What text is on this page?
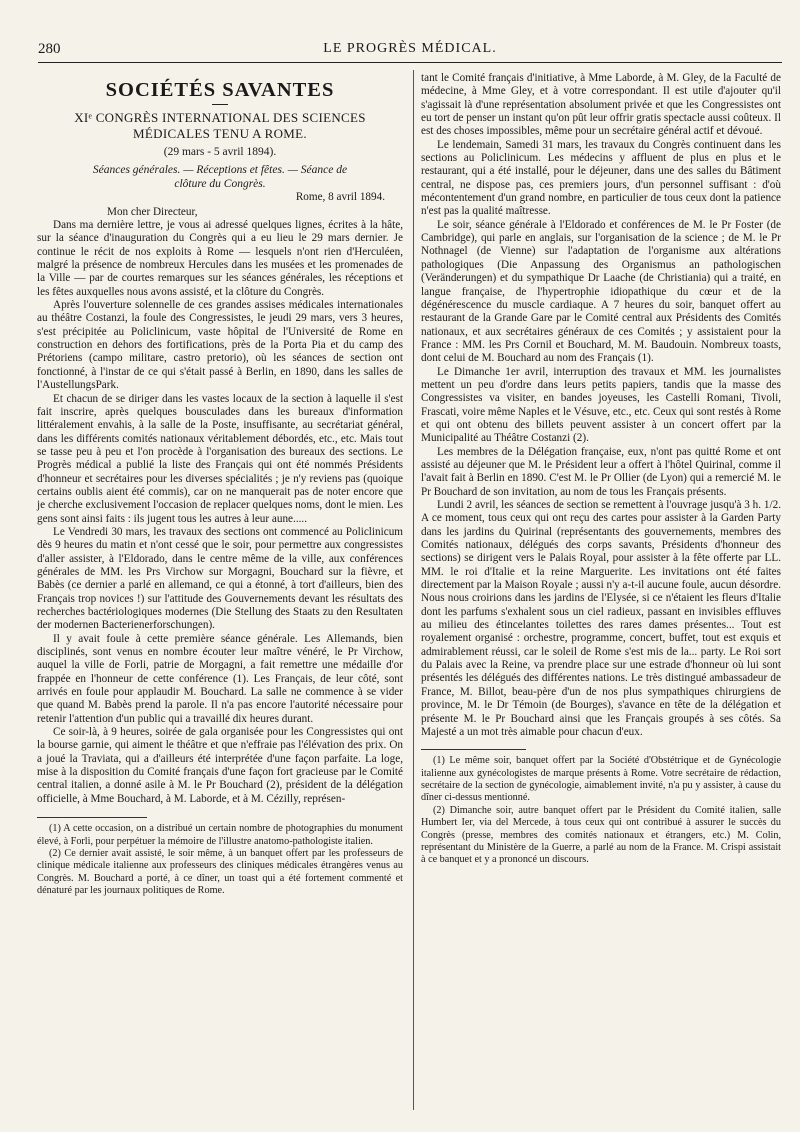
280	LE PROGRÈS MÉDICAL.
SOCIÉTÉS SAVANTES
XIᵉ CONGRÈS INTERNATIONAL DES SCIENCES
MÉDICALES TENU A ROME.
(29 mars - 5 avril 1894).
Séances générales. — Réceptions et fêtes. — Séance de
clôture du Congrès.
Rome, 8 avril 1894.

Mon cher Directeur,

Dans ma dernière lettre, je vous ai adressé quelques lignes, écrites à la hâte, sur la séance d'inauguration du Congrès qui a eu lieu le 29 mars dernier. Je continue le récit de nos exploits à Rome — lesquels n'ont rien d'Herculéen, malgré la présence de nombreux Hercules dans les musées et les promenades de la Ville — par de courtes remarques sur les séances générales, les réceptions et les fêtes auxquelles nous avons assisté, et la clôture du Congrès.

Après l'ouverture solennelle de ces grandes assises médicales internationales au théâtre Costanzi, la foule des Congressistes, le jeudi 29 mars, vers 3 heures, s'est précipitée au Policlinicum, vaste hôpital de l'Université de Rome en construction en dehors des fortifications, près de la Porta Pia et du camp des Prétoriens (campo militare, castro pretorio), où les séances de section ont fonctionné, à l'instar de ce qui s'était passé à Berlin, en 1890, dans les salles de l'AustellungsPark.

Et chacun de se diriger dans les vastes locaux de la section à laquelle il s'est fait inscrire, après quelques bousculades dans les bureaux d'information littéralement envahis, à la salle de la Poste, insuffisante, au secrétariat général, dans les différents comités nationaux véritablement débordés, etc., etc. Mais tout se tasse peu à peu et l'on procède à l'organisation des bureaux des sections. Le Progrès médical a publié la liste des Français qui ont été nommés Présidents d'honneur et secrétaires pour les diverses spécialités ; je n'y reviens pas (quoique certains oublis aient été commis), car on ne manquerait pas de noter encore que je cherche exclusivement l'occasion de replacer quelques noms, dont le mien. Les gens sont ainsi faits : ils jugent tous les autres à leur aune.....

Le Vendredi 30 mars, les travaux des sections ont commencé au Policlinicum dès 9 heures du matin et n'ont cessé que le soir, pour permettre aux congressistes d'aller assister, à l'Eldorado, dans le centre même de la ville, aux conférences générales de MM. les Prs Virchow sur Morgagni, Bouchard sur la fièvre, et Babès (ce dernier a parlé en allemand, ce qui a étonné, à tort d'ailleurs, bien des Français trop novices !) sur l'attitude des Gouvernements devant les résultats des recherches bactériologiques modernes (Die Stellung des Staats zu den Resultaten der modernen Bacterienerforschungen).

Il y avait foule à cette première séance générale. Les Allemands, bien disciplinés, sont venus en nombre écouter leur maître vénéré, le Pr Virchow, auquel la ville de Forli, patrie de Morgagni, a fait remettre une médaille d'or frappée en l'honneur de cette conférence (1). Les Français, de leur côté, sont arrivés en foule pour applaudir M. Bouchard. La salle ne commence à se vider que quand M. Babès prend la parole. Il n'a pas encore l'autorité nécessaire pour retenir l'attention d'un public qui a travaillé dix heures durant.

Ce soir-là, à 9 heures, soirée de gala organisée pour les Congressistes qui ont la bourse garnie, qui aiment le théâtre et que n'effraie pas l'élévation des prix. On a joué la Traviata, qui a d'ailleurs été interprétée d'une façon parfaite. La loge, mise à la disposition du Comité français d'une façon fort gracieuse par le Comité central italien, a donné asile à M. le Pr Bouchard (2), président de la délégation officielle, à Mme Bouchard, à M. Laborde, et à M. Cézilly, représen-

(1) A cette occasion, on a distribué un certain nombre de photographies du monument élevé, à Forli, pour perpétuer la mémoire de l'illustre anatomo-pathologiste italien.

(2) Ce dernier avait assisté, le soir même, à un banquet offert par les professeurs de clinique médicale italienne aux professeurs des cliniques médicales étrangères venus au Congrès. M. Bouchard a porté, à ce dîner, un toast qui a été fortement commenté et dénaturé par les journaux politiques de Rome.

tant le Comité français d'initiative, à Mme Laborde, à M. Gley, de la Faculté de médecine, à Mme Gley, et à votre correspondant. Il est utile d'ajouter qu'il s'agissait là d'une représentation absolument privée et que les Congressistes ont eu tort de penser un instant qu'on pût leur offrir gratis spectacle aussi coûteux. Il est des choses impossibles, même pour un secrétaire général actif et dévoué.

Le lendemain, Samedi 31 mars, les travaux du Congrès continuent dans les sections au Policlinicum. Les médecins y affluent de plus en plus et le restaurant, qui a été installé, pour le déjeuner, dans une des salles du Bâtiment central, ne dispose pas, ces premiers jours, d'un personnel suffisant : d'où mécontentement d'un grand nombre, en particulier de tous ceux dont la patience n'est pas la qualité maîtresse.

Le soir, séance générale à l'Eldorado et conférences de M. le Pr Foster (de Cambridge), qui parle en anglais, sur l'organisation de la science ; de M. le Pr Nothnagel (de Vienne) sur l'adaptation de l'organisme aux altérations pathologiques (Die Anpassung des Organismus an pathologischen (Veränderungen) et du sympathique Dr Laache (de Christiania) qui a traité, en langue française, de l'hypertrophie idiopathique du cœur et de la dégénérescence du muscle cardiaque. A 7 heures du soir, banquet offert au restaurant de la Grande Gare par le Comité central aux Présidents des Comités nationaux, et aux secrétaires généraux de ces Comités ; y assistaient pour la France : MM. les Prs Cornil et Bouchard, M. M. Baudouin. Nombreux toasts, dont celui de M. Bouchard au nom des Français (1).

Le Dimanche 1er avril, interruption des travaux et MM. les journalistes mettent un peu d'ordre dans leurs petits papiers, tandis que la masse des Congressistes va visiter, en bandes joyeuses, les Castelli Romani, Tivoli, Frascati, voire même Naples et le Vésuve, etc., etc. Ceux qui sont restés à Rome et qui ont obtenu des billets peuvent assister à un concert offert par la Municipalité au Théâtre Costanzi (2).

Les membres de la Délégation française, eux, n'ont pas quitté Rome et ont assisté au déjeuner que M. le Président leur a offert à l'hôtel Quirinal, comme il l'avait fait à Berlin en 1890. C'est M. le Pr Ollier (de Lyon) qui a remercié M. le Pr Bouchard de son invitation, au nom de tous les Français présents.

Lundi 2 avril, les séances de section se remettent à l'ouvrage jusqu'à 3 h. 1/2. A ce moment, tous ceux qui ont reçu des cartes pour assister à la Garden Party dans les jardins du Quirinal (représentants des gouvernements, membres des Comités nationaux, délégués des corps savants, Présidents d'honneur des sections) se dirigent vers le Palais Royal, pour assister à la fête offerte par LL. MM. le roi d'Italie et la reine Marguerite. Les invitations ont été faites directement par la Maison Royale ; aussi n'y a-t-il aucune foule, aucun désordre. Nous nous croirions dans les jardins de l'Elysée, si ce n'étaient les fleurs d'Italie dont les parfums s'exhalent sous un ciel radieux, passant en invisibles effluves au milieu des étincelantes toilettes des rares dames présentes... Tout est royalement organisé : orchestre, programme, concert, buffet, tout est exquis et admirablement réussi, car le soleil de Rome s'est mis de la... party. Le Roi sort du Palais avec la Reine, va prendre place sur une estrade d'honneur où lui sont présentés les délégués des différentes nations. Le très distingué ambassadeur de France, M. Billot, beau-père d'un de nos plus sympathiques chirurgiens de province, M. le Dr Témoin (de Bourges), s'avance en tête de la délégation et présente M. le Pr Bouchard ainsi que les Français groupés à ses côtés. Sa Majesté a un mot très aimable pour chacun d'eux.

(1) Le même soir, banquet offert par la Société d'Obstétrique et de Gynécologie italienne aux gynécologistes de marque présents à Rome. Votre secrétaire de rédaction, secrétaire de la section de gynécologie, aimablement invité, n'a pu y assister, à cause du dîner ci-dessus mentionné.

(2) Dimanche soir, autre banquet offert par le Président du Comité italien, salle Humbert Ier, via del Mercede, à tous ceux qui ont contribué à assurer le succès du Congrès (presse, membres des comités nationaux et étrangers, etc.) M. Colin, représentant du Ministère de la Guerre, a parlé au nom de la France. M. Crispi assistait à ce banquet et y a prononcé un discours.
